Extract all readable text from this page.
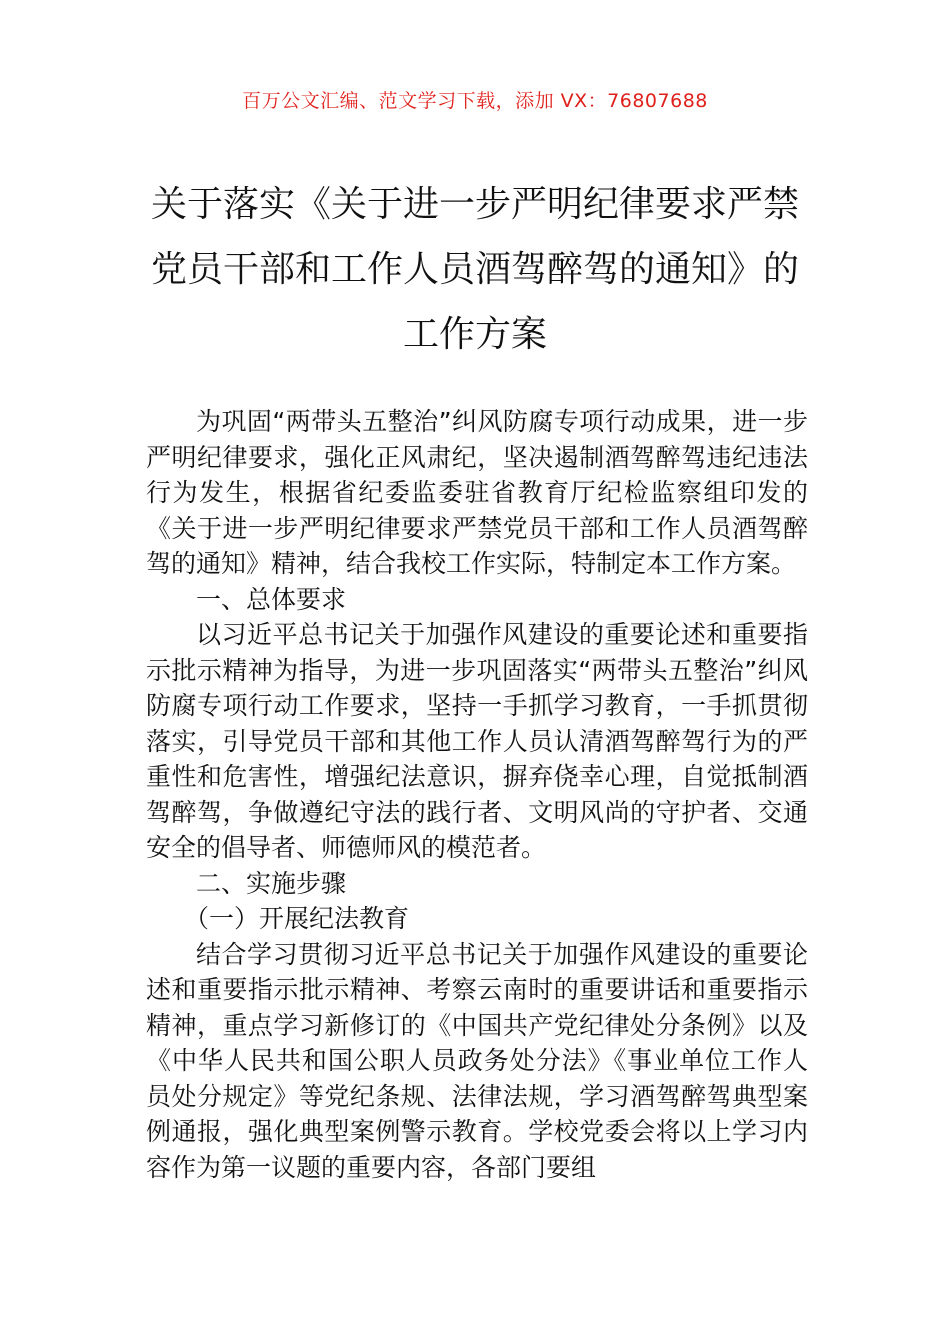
百万公文汇编、范文学习下载，添加 VX：76807688
关于落实《关于进一步严明纪律要求严禁
党员干部和工作人员酒驾醉驾的通知》的
工作方案

为巩固“两带头五整治”纠风防腐专项行动成果，进一步严明纪律要求，强化正风肃纪，坚决遏制酒驾醉驾违纪违法行为发生，根据省纪委监委驻省教育厅纪检监察组印发的《关于进一步严明纪律要求严禁党员干部和工作人员酒驾醉驾的通知》精神，结合我校工作实际，特制定本工作方案。

一、总体要求

以习近平总书记关于加强作风建设的重要论述和重要指示批示精神为指导，为进一步巩固落实“两带头五整治”纠风防腐专项行动工作要求，坚持一手抓学习教育，一手抓贯彻落实，引导党员干部和其他工作人员认清酒驾醉驾行为的严重性和危害性，增强纪法意识，摒弃侥幸心理，自觉抵制酒驾醉驾，争做遵纪守法的践行者、文明风尚的守护者、交通安全的倡导者、师德师风的模范者。

二、实施步骤

（一）开展纪法教育

结合学习贯彻习近平总书记关于加强作风建设的重要论述和重要指示批示精神、考察云南时的重要讲话和重要指示精神，重点学习新修订的《中国共产党纪律处分条例》以及《中华人民共和国公职人员政务处分法》《事业单位工作人员处分规定》等党纪条规、法律法规，学习酒驾醉驾典型案例通报，强化典型案例警示教育。学校党委会将以上学习内容作为第一议题的重要内容，各部门要组
